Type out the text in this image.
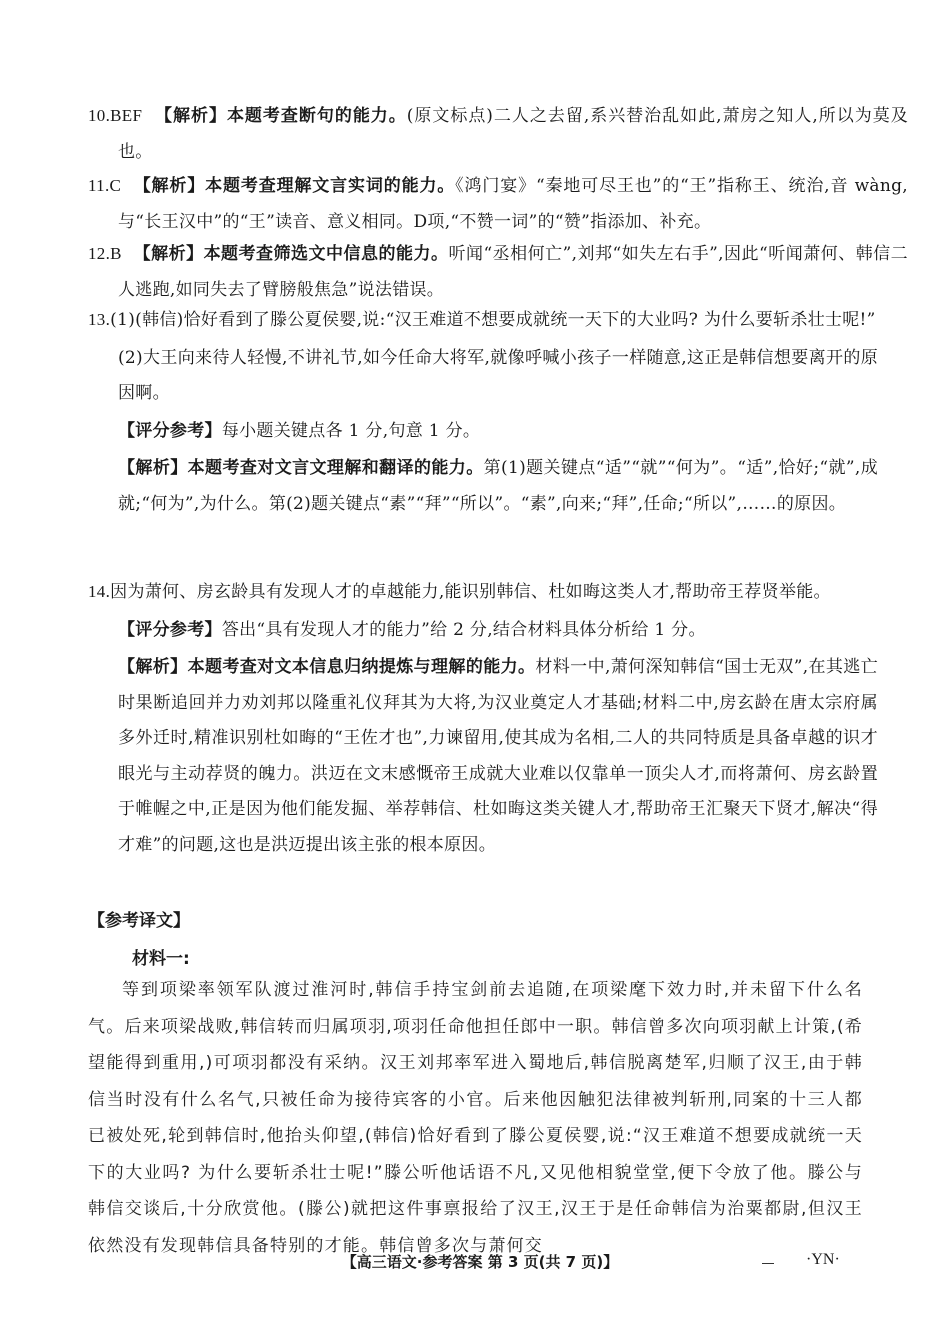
10.BEF 【解析】本题考查断句的能力。(原文标点)二人之去留,系兴替治乱如此,萧房之知人,所以为莫及也。
11.C 【解析】本题考查理解文言实词的能力。《鸿门宴》“秦地可尽王也”的“王”指称王、统治,音 wàng,与“长王汉中”的“王”读音、意义相同。D项,“不赞一词”的“赞”指添加、补充。
12.B 【解析】本题考查筛选文中信息的能力。听闻“丞相何亡”,刘邦“如失左右手”,因此“听闻萧何、韩信二人逃跑,如同失去了臂膀般焦急”说法错误。
13.(1)(韩信)恰好看到了滕公夏侯婴,说:“汉王难道不想要成就统一天下的大业吗? 为什么要斩杀壮士呢!”
(2)大王向来待人轻慢,不讲礼节,如今任命大将军,就像呼喊小孩子一样随意,这正是韩信想要离开的原因啊。
【评分参考】每小题关键点各 1 分,句意 1 分。
【解析】本题考查对文言文理解和翻译的能力。第(1)题关键点“适”“就”“何为”。“适”,恰好;“就”,成就;“何为”,为什么。第(2)题关键点“素”“拜”“所以”。“素”,向来;“拜”,任命;“所以”,……的原因。
14.因为萧何、房玄龄具有发现人才的卓越能力,能识别韩信、杜如晦这类人才,帮助帝王荐贤举能。
【评分参考】答出“具有发现人才的能力”给 2 分,结合材料具体分析给 1 分。
【解析】本题考查对文本信息归纳提炼与理解的能力。材料一中,萧何深知韩信“国士无双”,在其逃亡时果断追回并力劝刘邦以隆重礼仪拜其为大将,为汉业奠定人才基础;材料二中,房玄龄在唐太宗府属多外迁时,精准识别杜如晦的“王佐才也”,力谏留用,使其成为名相,二人的共同特质是具备卓越的识才眼光与主动荐贤的魄力。洪迈在文末感慨帝王成就大业难以仅靠单一顶尖人才,而将萧何、房玄龄置于帷幄之中,正是因为他们能发掘、举荐韩信、杜如晦这类关键人才,帮助帝王汇聚天下贤才,解决“得才难”的问题,这也是洪迈提出该主张的根本原因。
【参考译文】
材料一:
等到项梁率领军队渡过淮河时,韩信手持宝剑前去追随,在项梁麾下效力时,并未留下什么名气。后来项梁战败,韩信转而归属项羽,项羽任命他担任郎中一职。韩信曾多次向项羽献上计策,(希望能得到重用,)可项羽都没有采纳。汉王刘邦率军进入蜀地后,韩信脱离楚军,归顺了汉王,由于韩信当时没有什么名气,只被任命为接待宾客的小官。后来他因触犯法律被判斩刑,同案的十三人都已被处死,轮到韩信时,他抬头仰望,(韩信)恰好看到了滕公夏侯婴,说:“汉王难道不想要成就统一天下的大业吗? 为什么要斩杀壮士呢!”滕公听他话语不凡,又见他相貌堂堂,便下令放了他。滕公与韩信交谈后,十分欣赏他。(滕公)就把这件事禀报给了汉王,汉王于是任命韩信为治粟都尉,但汉王依然没有发现韩信具备特别的才能。韩信曾多次与萧何交
【高三语文·参考答案 第 3 页(共 7 页)】	·YN·
